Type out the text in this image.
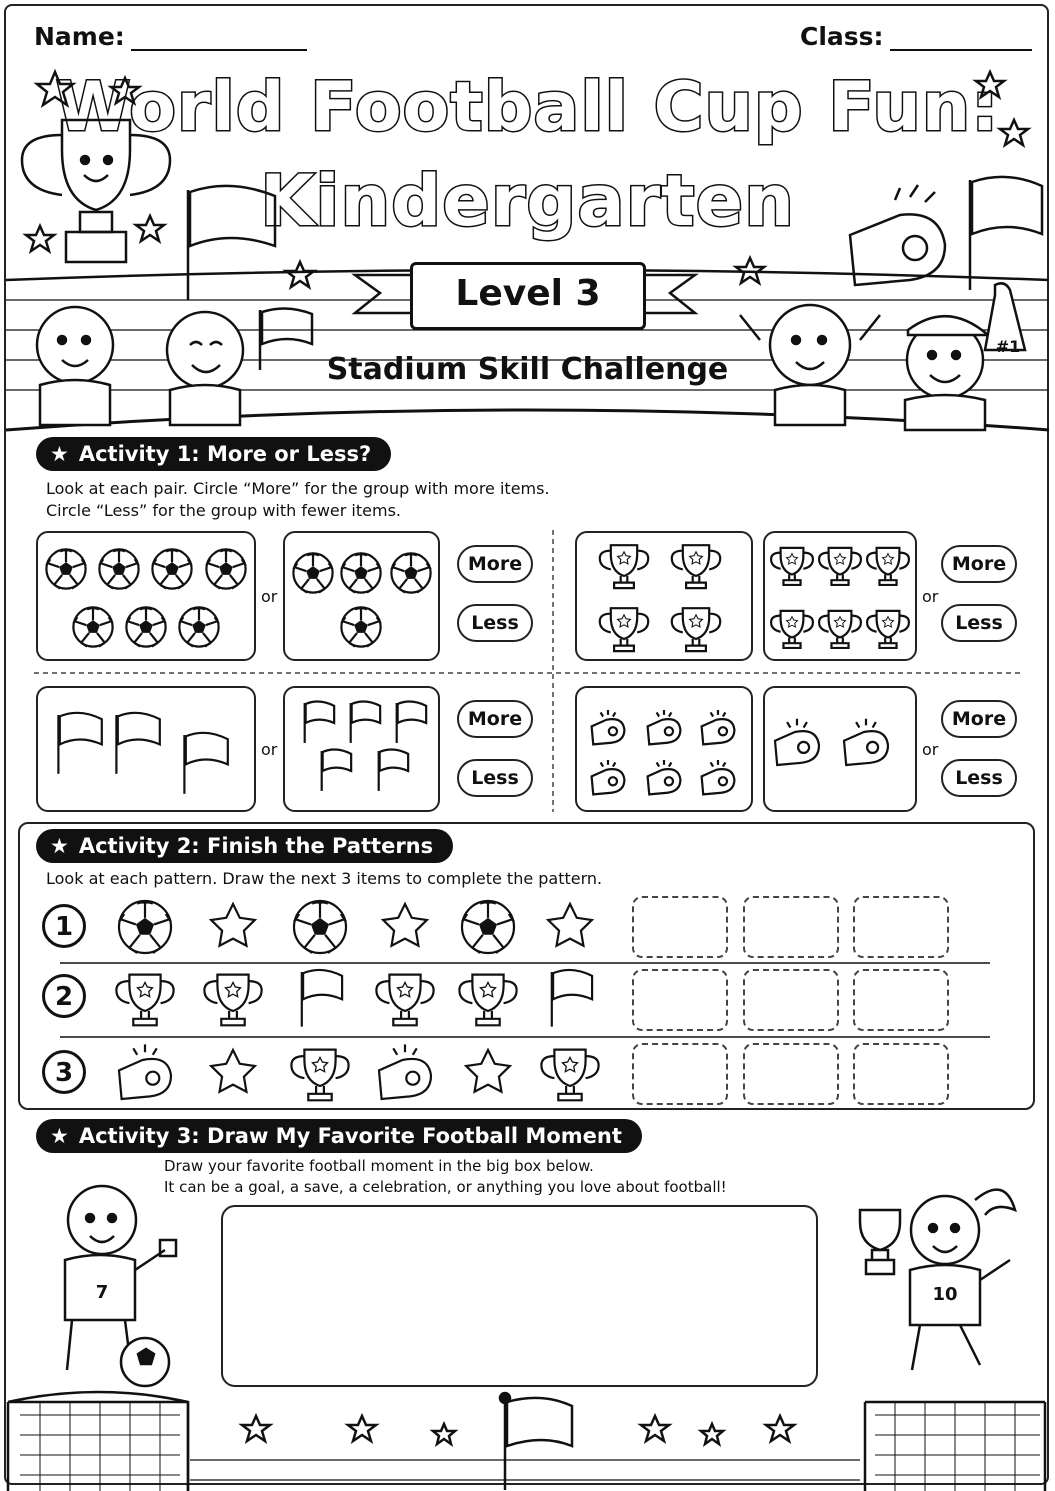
Name:	Class:
World Football Cup Fun:
Kindergarten
#1
Level 3
Stadium Skill Challenge
★ Activity 1: More or Less?
Look at each pair. Circle “More” for the group with more items.
Circle “Less” for the group with fewer items.
or
More
Less
or
More
Less
or
More
Less
or
More
Less
★ Activity 2: Finish the Patterns
Look at each pattern. Draw the next 3 items to complete the pattern.
1
2
3
★ Activity 3: Draw My Favorite Football Moment
Draw your favorite football moment in the big box below.
It can be a goal, a save, a celebration, or anything you love about football!
7	10
